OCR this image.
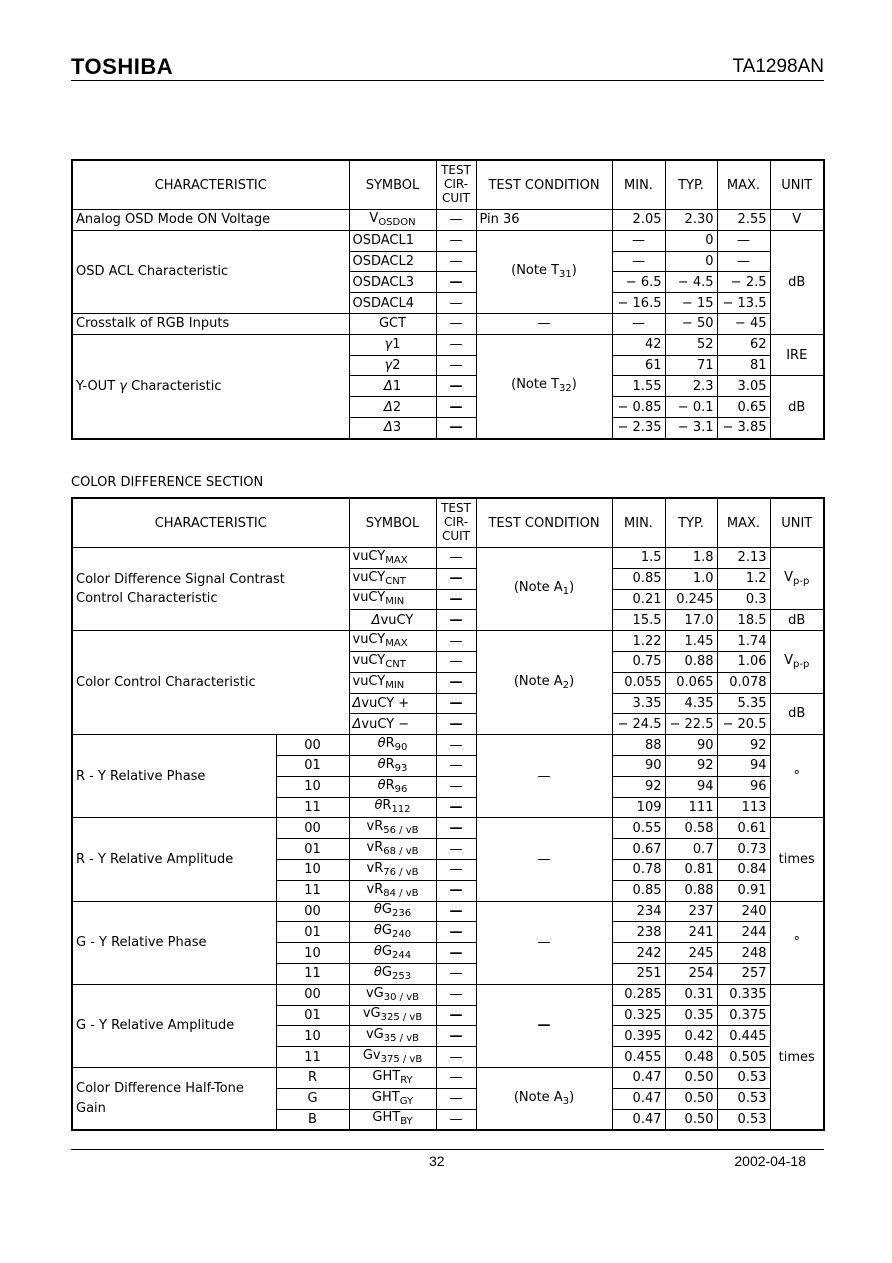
TOSHIBA	TA1298AN
CHARACTERISTIC	SYMBOL	TEST
CIR-
CUIT	TEST CONDITION	MIN.	TYP.	MAX.	UNIT
Analog OSD Mode ON Voltage	$V_{OSDON}$	—	Pin 36	2.05	2.30	2.55	V
OSD ACL Characteristic	OSDACL1	—	(Note $T_{31}$)	—	0	—	dB
	OSDACL2	—		—	0	—	
	OSDACL3	—		− 6.5	− 4.5	− 2.5	
	OSDACL4	—		− 16.5	− 15	− 13.5	
Crosstalk of RGB Inputs	GCT	—	—	—	− 50	− 45	
Y-OUT γ Characteristic	γ1	—	(Note $T_{32}$)	42	52	62	IRE
	γ2	—		61	71	81	
	Δ1	—		1.55	2.3	3.05	dB
	Δ2	—		− 0.85	− 0.1	0.65	
	Δ3	—		− 2.35	− 3.1	− 3.85	
COLOR DIFFERENCE SECTION
CHARACTERISTIC		SYMBOL	TEST
CIR-
CUIT	TEST CONDITION	MIN.	TYP.	MAX.	UNIT
Color Difference Signal Contrast
Control Characteristic		vuCY$_{MAX}$	—	(Note $A_1$)	1.5	1.8	2.13	$V_{p-p}$
		vuCY$_{CNT}$	—		0.85	1.0	1.2	
		vuCY$_{MIN}$	—		0.21	0.245	0.3	
		ΔvuCY	—		15.5	17.0	18.5	dB
Color Control Characteristic		vuCY$_{MAX}$	—	(Note $A_2$)	1.22	1.45	1.74	$V_{p-p}$
		vuCY$_{CNT}$	—		0.75	0.88	1.06	
		vuCY$_{MIN}$	—		0.055	0.065	0.078	
		ΔvuCY +	—		3.35	4.35	5.35	dB
		ΔvuCY −	—		− 24.5	− 22.5	− 20.5	
R - Y Relative Phase	00	$\theta R_{90}$	—	—	88	90	92	°
	01	$\theta R_{93}$	—		90	92	94	
	10	$\theta R_{96}$	—		92	94	96	
	11	$\theta R_{112}$	—		109	111	113	
R - Y Relative Amplitude	00	$vR_{56 / vB}$	—	—	0.55	0.58	0.61	times
	01	$vR_{68 / vB}$	—		0.67	0.7	0.73	
	10	$vR_{76 / vB}$	—		0.78	0.81	0.84	
	11	$vR_{84 / vB}$	—		0.85	0.88	0.91	
G - Y Relative Phase	00	$\theta G_{236}$	—	—	234	237	240	°
	01	$\theta G_{240}$	—		238	241	244	
	10	$\theta G_{244}$	—		242	245	248	
	11	$\theta G_{253}$	—		251	254	257	
G - Y Relative Amplitude	00	$vG_{30 / vB}$	—	—	0.285	0.31	0.335	times
	01	$vG_{325 / vB}$	—		0.325	0.35	0.375	
	10	$vG_{35 / vB}$	—		0.395	0.42	0.445	
	11	$Gv_{375 / vB}$	—		0.455	0.48	0.505	
Color Difference Half-Tone
Gain	R	$GHT_{RY}$	—	(Note $A_3$)	0.47	0.50	0.53	
	G	$GHT_{GY}$	—		0.47	0.50	0.53	
	B	$GHT_{BY}$	—		0.47	0.50	0.53	
32	2002-04-18
